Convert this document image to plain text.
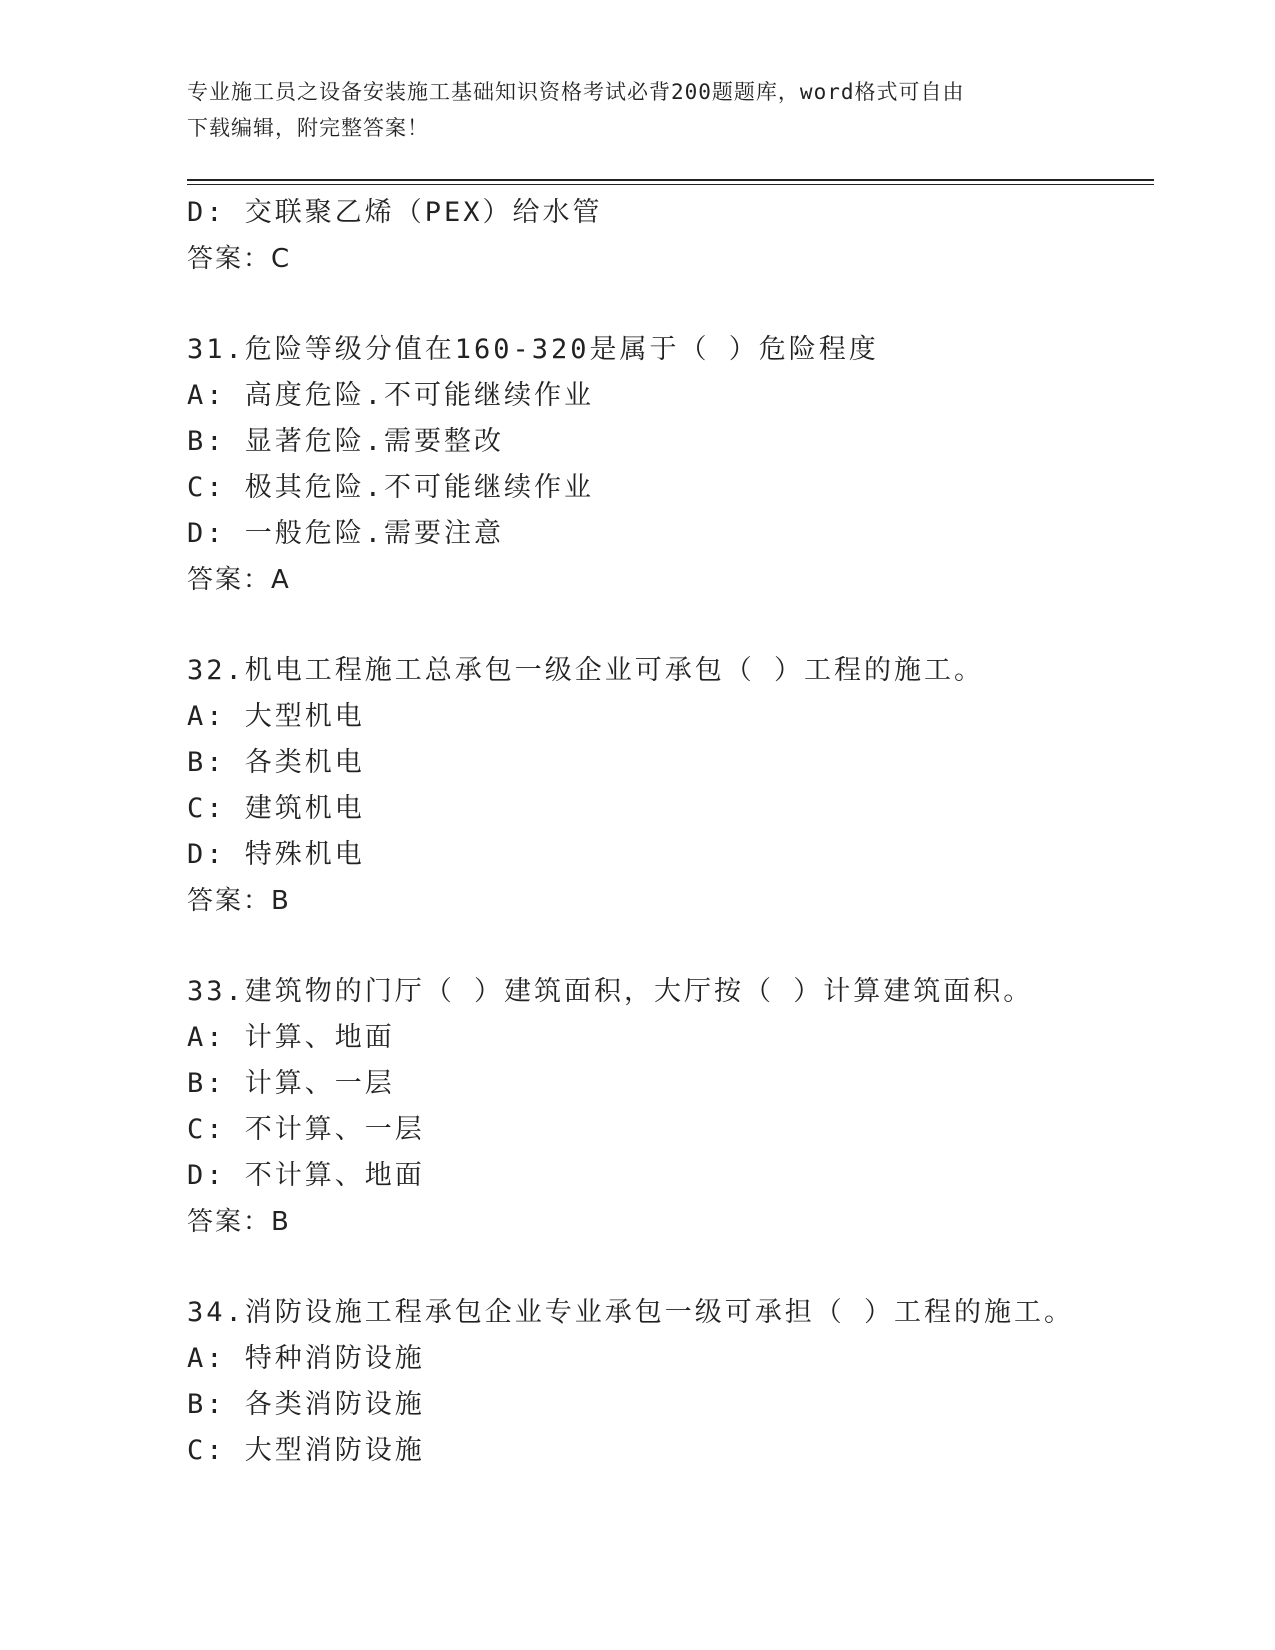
专业施工员之设备安装施工基础知识资格考试必背200题题库，word格式可自由
下载编辑，附完整答案！
D: 交联聚乙烯（PEX）给水管
答案：C
31.危险等级分值在160-320是属于（ ）危险程度
A: 高度危险.不可能继续作业
B: 显著危险.需要整改
C: 极其危险.不可能继续作业
D: 一般危险.需要注意
答案：A
32.机电工程施工总承包一级企业可承包（ ）工程的施工。
A: 大型机电
B: 各类机电
C: 建筑机电
D: 特殊机电
答案：B
33.建筑物的门厅（ ）建筑面积，大厅按（ ）计算建筑面积。
A: 计算、地面
B: 计算、一层
C: 不计算、一层
D: 不计算、地面
答案：B
34.消防设施工程承包企业专业承包一级可承担（ ）工程的施工。
A: 特种消防设施
B: 各类消防设施
C: 大型消防设施
